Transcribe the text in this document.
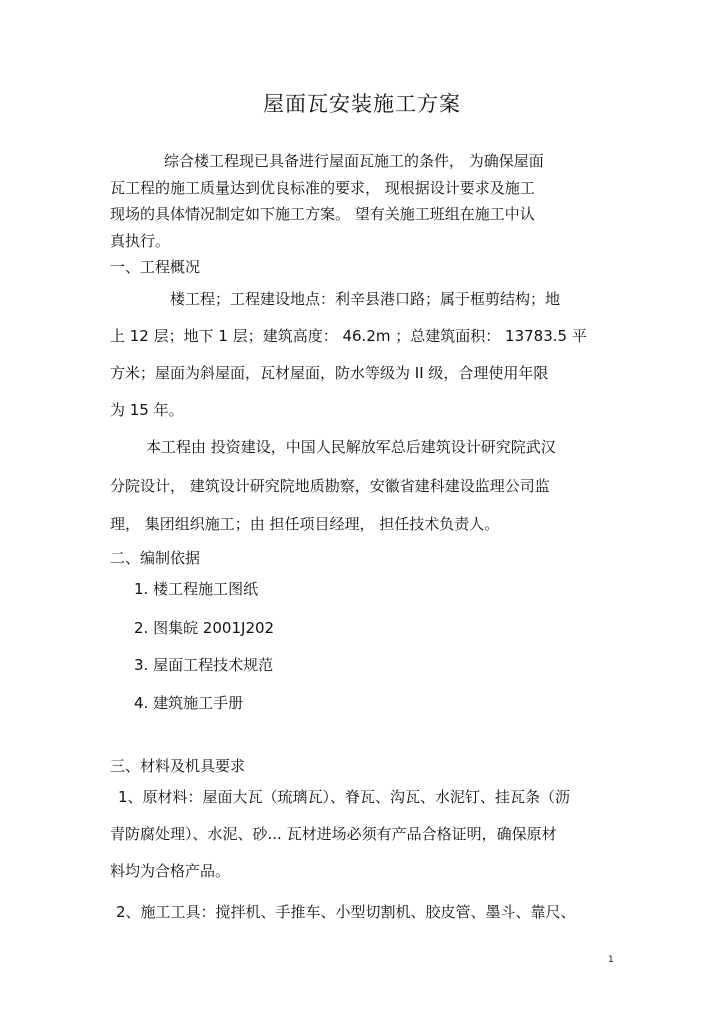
屋面瓦安装施工方案
综合楼工程现已具备进行屋面瓦施工的条件， 为确保屋面
瓦工程的施工质量达到优良标准的要求， 现根据设计要求及施工
现场的具体情况制定如下施工方案。 望有关施工班组在施工中认
真执行。
一、工程概况
楼工程；工程建设地点：利辛县港口路；属于框剪结构；地
上 12 层；地下 1 层；建筑高度： 46.2m ；总建筑面积： 13783.5 平
方米；屋面为斜屋面，瓦材屋面，防水等级为 II 级，合理使用年限
为 15 年。
本工程由 投资建设，中国人民解放军总后建筑设计研究院武汉
分院设计， 建筑设计研究院地质勘察，安徽省建科建设监理公司监
理， 集团组织施工；由 担任项目经理， 担任技术负责人。
二、编制依据
1. 楼工程施工图纸
2. 图集皖 2001J202
3. 屋面工程技术规范
4. 建筑施工手册
三、材料及机具要求
1、原材料：屋面大瓦（琉璃瓦）、脊瓦、沟瓦、水泥钉、挂瓦条（沥
青防腐处理）、水泥、砂... 瓦材进场必须有产品合格证明，确保原材
料均为合格产品。
2、施工工具：搅拌机、手推车、小型切割机、胶皮管、墨斗、靠尺、
1
